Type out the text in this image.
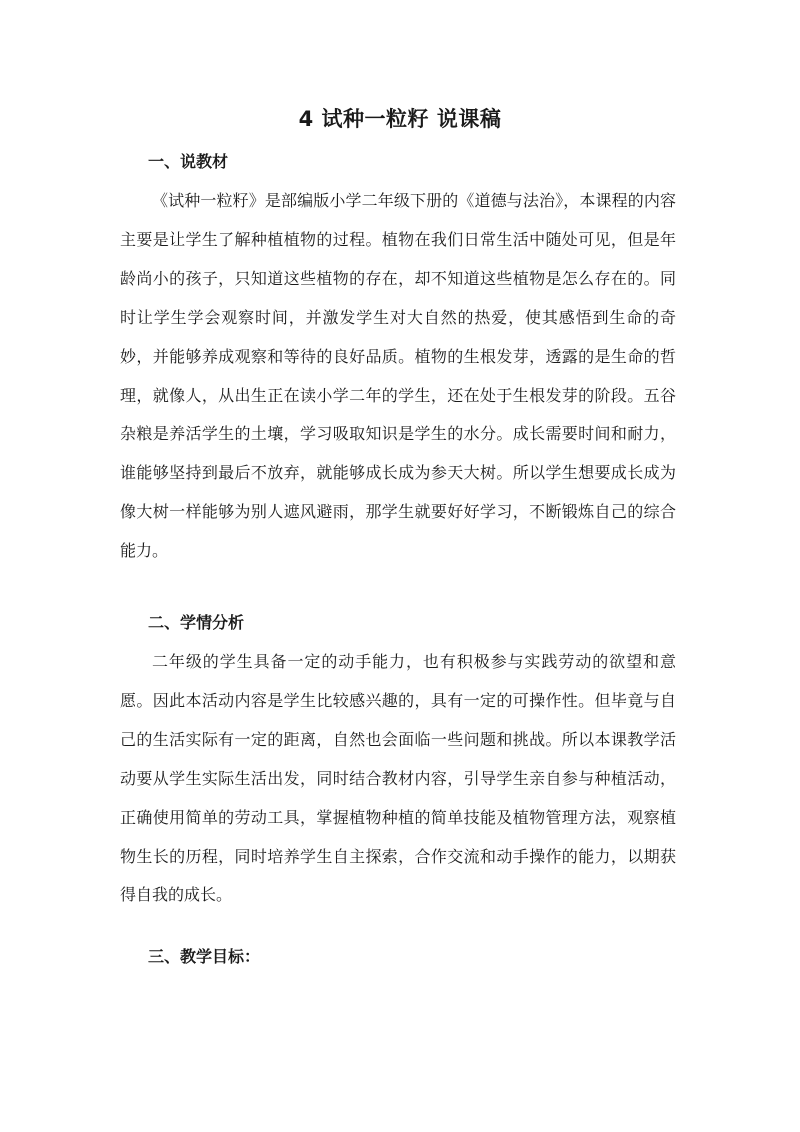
4 试种一粒籽 说课稿
一、说教材

《试种一粒籽》是部编版小学二年级下册的《道德与法治》，本课程的内容主要是让学生了解种植植物的过程。植物在我们日常生活中随处可见，但是年龄尚小的孩子，只知道这些植物的存在，却不知道这些植物是怎么存在的。同时让学生学会观察时间，并激发学生对大自然的热爱，使其感悟到生命的奇妙，并能够养成观察和等待的良好品质。植物的生根发芽，透露的是生命的哲理，就像人，从出生正在读小学二年的学生，还在处于生根发芽的阶段。五谷杂粮是养活学生的土壤，学习吸取知识是学生的水分。成长需要时间和耐力，谁能够坚持到最后不放弃，就能够成长成为参天大树。所以学生想要成长成为像大树一样能够为别人遮风避雨，那学生就要好好学习，不断锻炼自己的综合能力。

二、学情分析

二年级的学生具备一定的动手能力，也有积极参与实践劳动的欲望和意愿。因此本活动内容是学生比较感兴趣的，具有一定的可操作性。但毕竟与自己的生活实际有一定的距离，自然也会面临一些问题和挑战。所以本课教学活动要从学生实际生活出发，同时结合教材内容，引导学生亲自参与种植活动，正确使用简单的劳动工具，掌握植物种植的简单技能及植物管理方法，观察植物生长的历程，同时培养学生自主探索，合作交流和动手操作的能力，以期获得自我的成长。

三、教学目标：
